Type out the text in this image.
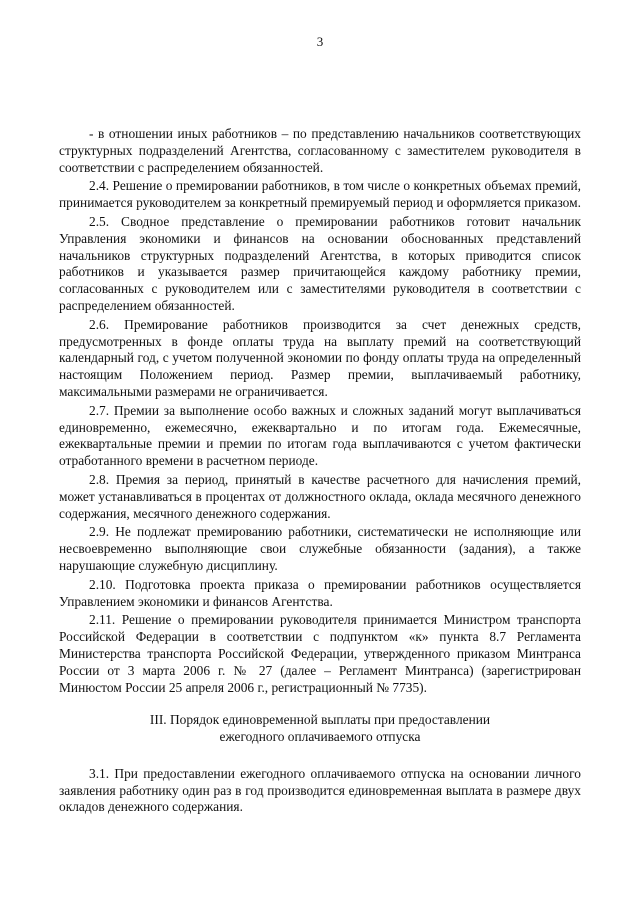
3

- в отношении иных работников – по представлению начальников соответствующих структурных подразделений Агентства, согласованному с заместителем руководителя в соответствии с распределением обязанностей.

2.4. Решение о премировании работников, в том числе о конкретных объемах премий, принимается руководителем за конкретный премируемый период и оформляется приказом.

2.5. Сводное представление о премировании работников готовит начальник Управления экономики и финансов на основании обоснованных представлений начальников структурных подразделений Агентства, в которых приводится список работников и указывается размер причитающейся каждому работнику премии, согласованных с руководителем или с заместителями руководителя в соответствии с распределением обязанностей.

2.6. Премирование работников производится за счет денежных средств, предусмотренных в фонде оплаты труда на выплату премий на соответствующий календарный год, с учетом полученной экономии по фонду оплаты труда на определенный настоящим Положением период. Размер премии, выплачиваемый работнику, максимальными размерами не ограничивается.

2.7. Премии за выполнение особо важных и сложных заданий могут выплачиваться единовременно, ежемесячно, ежеквартально и по итогам года. Ежемесячные, ежеквартальные премии и премии по итогам года выплачиваются с учетом фактически отработанного времени в расчетном периоде.

2.8. Премия за период, принятый в качестве расчетного для начисления премий, может устанавливаться в процентах от должностного оклада, оклада месячного денежного содержания, месячного денежного содержания.

2.9. Не подлежат премированию работники, систематически не исполняющие или несвоевременно выполняющие свои служебные обязанности (задания), а также нарушающие служебную дисциплину.

2.10. Подготовка проекта приказа о премировании работников осуществляется Управлением экономики и финансов Агентства.

2.11. Решение о премировании руководителя принимается Министром транспорта Российской Федерации в соответствии с подпунктом «к» пункта 8.7 Регламента Министерства транспорта Российской Федерации, утвержденного приказом Минтранса России от 3 марта 2006 г. № 27 (далее – Регламент Минтранса) (зарегистрирован Минюстом России 25 апреля 2006 г., регистрационный № 7735).

III. Порядок единовременной выплаты при предоставлении
ежегодного оплачиваемого отпуска

3.1. При предоставлении ежегодного оплачиваемого отпуска на основании личного заявления работнику один раз в год производится единовременная выплата в размере двух окладов денежного содержания.
